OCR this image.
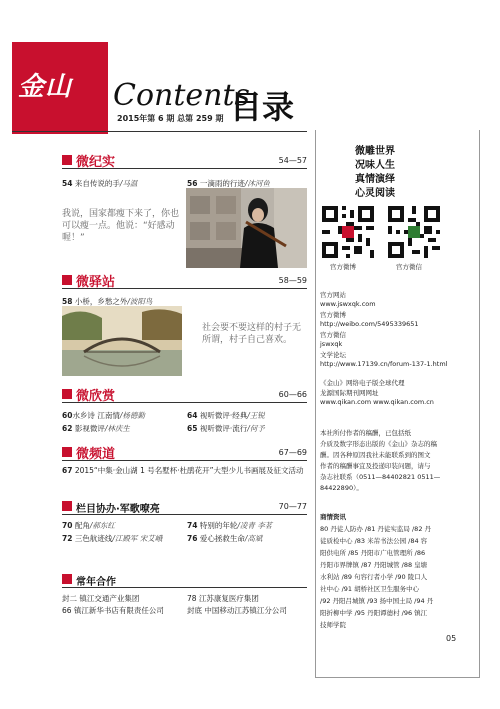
金山 Contents
目录
2015年第 6 期 总第 259 期
微纪实	54—57
54 来自传说的手/马温	56 一滴雨的行迹/沐河鱼
我说，国家都瘦下来了，你也可以瘦一点。他说：“好感动喔！”
微驿站	58—59
58 小桥，乡愁之外/波阳鸟
社会要不要这样的村子无所谓，村子自己喜欢。
微欣赏	60—66
60水乡诗 江南情/杨德勤	64 视听微评·经典/王锐
62 影视微评/林庆生	65 视听微评·流行/何予
微频道	67—69
67 2015“中集·金山湖 1 号名墅杯·杜鹃花开”大型少儿书画展及征文活动
栏目协办·军歌嘹亮	70—77
70 配角/郝东红	74 特别的年轮/凌青 李茗
72 三色航迹线/江殿军 宋艾峨	76 爱心拯救生命/高斌
常年合作
封二 镇江交通产业集团	78 江苏康复医疗集团
66 镇江新华书店有限责任公司	封底 中国移动江苏镇江分公司
微雕世界
况味人生
真情演绎
心灵阅读
官方微博	官方微信
官方网站
www.jswxqk.com
官方微博
http://weibo.com/5495339651
官方微信
jswxqk
文学论坛
http://www.17139.cn/forum-137-1.html
《金山》网络电子版全球代理
龙源国际期刊网网址
www.qikan.com www.qikan.com.cn
本社所付作者的稿酬，已包括纸
介质及数字形态出版的《金山》杂志的稿
酬。因各种原因我社未能联系到的图文
作者的稿酬事宜及投递印装问题，请与
杂志社联系（0511—84402821 0511—
84422890）。
商情资讯
80 丹徒人防办 /81 丹徒实监局 /82 丹
徒质检中心 /83 米芾书法公园 /84 容
阳供电所 /85 丹阳市广电管理所 /86
丹阳市界牌镇 /87 丹阳城管 /88 皇塘
水利站 /89 句容行者小学 /90 陵口人
社中心 /91 胡桥社区卫生服务中心
/92 丹阳吕城镇 /93 扬中国土局 /94 丹
阳折柳中学 /95 丹阳谭德村 /96 镇江
技师学院
05
